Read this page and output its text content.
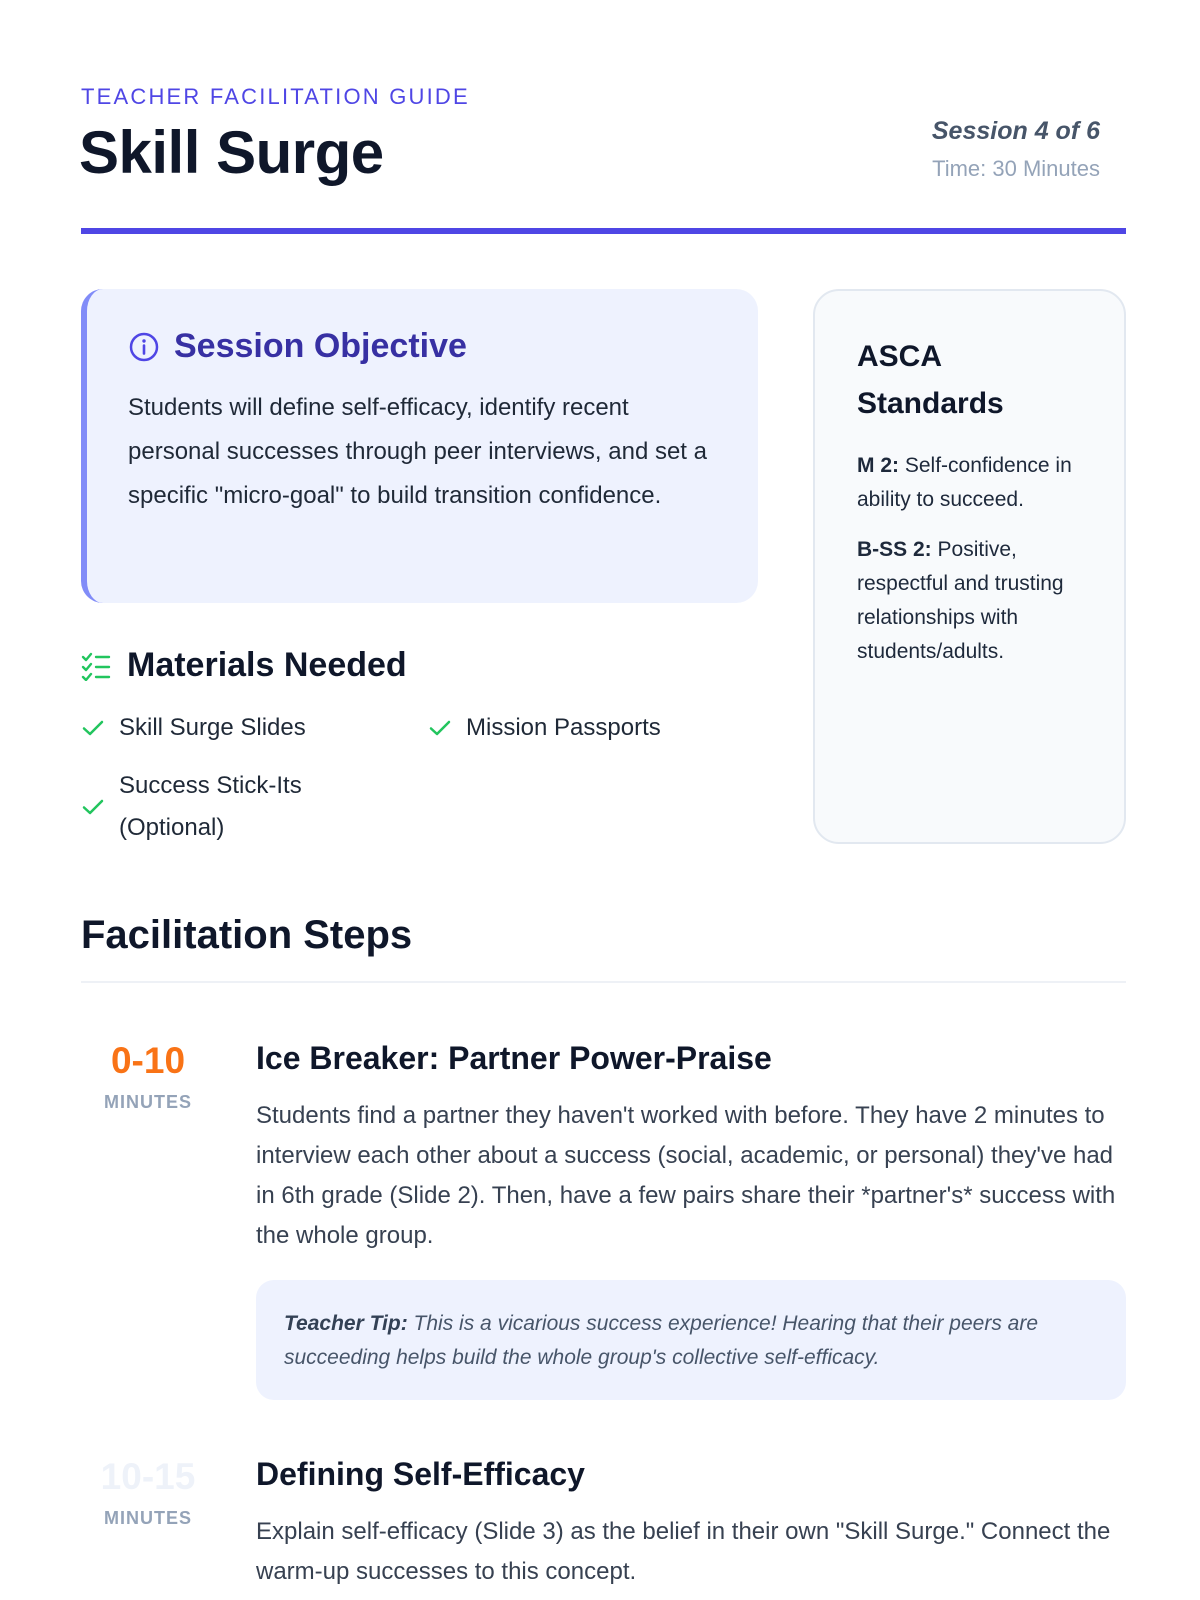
TEACHER FACILITATION GUIDE
Skill Surge	Session 4 of 6
Time: 30 Minutes
Session Objective

Students will define self-efficacy, identify recent personal successes through peer interviews, and set a specific "micro-goal" to build transition confidence.

ASCA Standards

M 2: Self-confidence in ability to succeed.

B-SS 2: Positive, respectful and trusting relationships with students/adults.

Materials Needed
Skill Surge Slides	Mission Passports
Success Stick-Its (Optional)
Facilitation Steps
0-10
MINUTES
Ice Breaker: Partner Power-Praise

Students find a partner they haven't worked with before. They have 2 minutes to interview each other about a success (social, academic, or personal) they've had in 6th grade (Slide 2). Then, have a few pairs share their *partner's* success with the whole group.

Teacher Tip: This is a vicarious success experience! Hearing that their peers are succeeding helps build the whole group's collective self-efficacy.
10-15
MINUTES
Defining Self-Efficacy

Explain self-efficacy (Slide 3) as the belief in their own "Skill Surge." Connect the warm-up successes to this concept.
